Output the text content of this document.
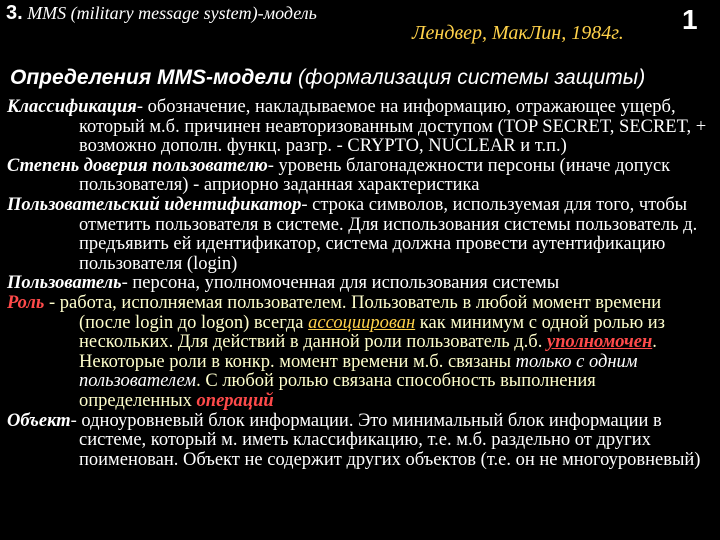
3. MMS (military message system)-модель
Лендвер, МакЛин, 1984г. 1
Определения MMS-модели (формализация системы защиты)

Классификация- обозначение, накладываемое на информацию, отражающее ущерб, который м.б. причинен неавторизованным доступом (TOP SECRET, SECRET, + возможно дополн. функц. разгр. - CRYPTO, NUCLEAR и т.п.)

Степень доверия пользователю- уровень благонадежности персоны (иначе допуск пользователя) - априорно заданная характеристика

Пользовательский идентификатор- строка символов, используемая для того, чтобы отметить пользователя в системе. Для использования системы пользователь д. предъявить ей идентификатор, система должна провести аутентификацию пользователя (login)

Пользователь- персона, уполномоченная для использования системы

Роль - работа, исполняемая пользователем. Пользователь в любой момент времени (после login до logon) всегда ассоциирован как минимум с одной ролью из нескольких. Для действий в данной роли пользователь д.б. уполномочен. Некоторые роли в конкр. момент времени м.б. связаны только с одним пользователем. С любой ролью связана способность выполнения определенных операций

Объект- одноуровневый блок информации. Это минимальный блок информации в системе, который м. иметь классификацию, т.е. м.б. раздельно от других поименован. Объект не содержит других объектов (т.е. он не многоуровневый)
